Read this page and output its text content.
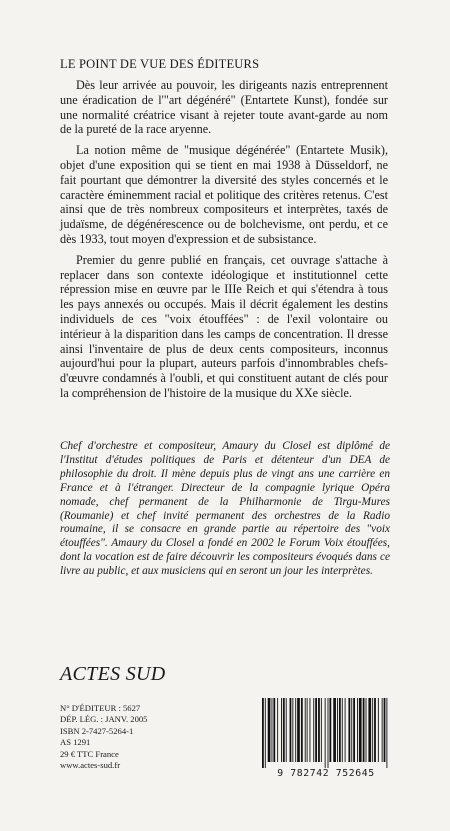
LE POINT DE VUE DES ÉDITEURS

Dès leur arrivée au pouvoir, les dirigeants nazis entreprennent une éradication de l'"art dégénéré" (Entartete Kunst), fondée sur une normalité créatrice visant à rejeter toute avant-garde au nom de la pureté de la race aryenne.

La notion même de "musique dégénérée" (Entartete Musik), objet d'une exposition qui se tient en mai 1938 à Düsseldorf, ne fait pourtant que démontrer la diversité des styles concernés et le caractère éminemment racial et politique des critères retenus. C'est ainsi que de très nombreux compositeurs et interprètes, taxés de judaïsme, de dégénérescence ou de bolchevisme, ont perdu, et ce dès 1933, tout moyen d'expression et de subsistance.

Premier du genre publié en français, cet ouvrage s'attache à replacer dans son contexte idéologique et institutionnel cette répression mise en œuvre par le IIIe Reich et qui s'étendra à tous les pays annexés ou occupés. Mais il décrit également les destins individuels de ces "voix étouffées" : de l'exil volontaire ou intérieur à la disparition dans les camps de concentration. Il dresse ainsi l'inventaire de plus de deux cents compositeurs, inconnus aujourd'hui pour la plupart, auteurs parfois d'innombrables chefs-d'œuvre condamnés à l'oubli, et qui constituent autant de clés pour la compréhension de l'histoire de la musique du XXe siècle.

Chef d'orchestre et compositeur, Amaury du Closel est diplômé de l'Institut d'études politiques de Paris et détenteur d'un DEA de philosophie du droit. Il mène depuis plus de vingt ans une carrière en France et à l'étranger. Directeur de la compagnie lyrique Opéra nomade, chef permanent de la Philharmonie de Tirgu-Mures (Roumanie) et chef invité permanent des orchestres de la Radio roumaine, il se consacre en grande partie au répertoire des "voix étouffées". Amaury du Closel a fondé en 2002 le Forum Voix étouffées, dont la vocation est de faire découvrir les compositeurs évoqués dans ce livre au public, et aux musiciens qui en seront un jour les interprètes.
ACTES SUD
N° D'ÉDITEUR : 5627
DÉP. LÉG. : JANV. 2005
ISBN 2-7427-5264-1
AS 1291
29 € TTC France
www.actes-sud.fr
9 782742 752645
